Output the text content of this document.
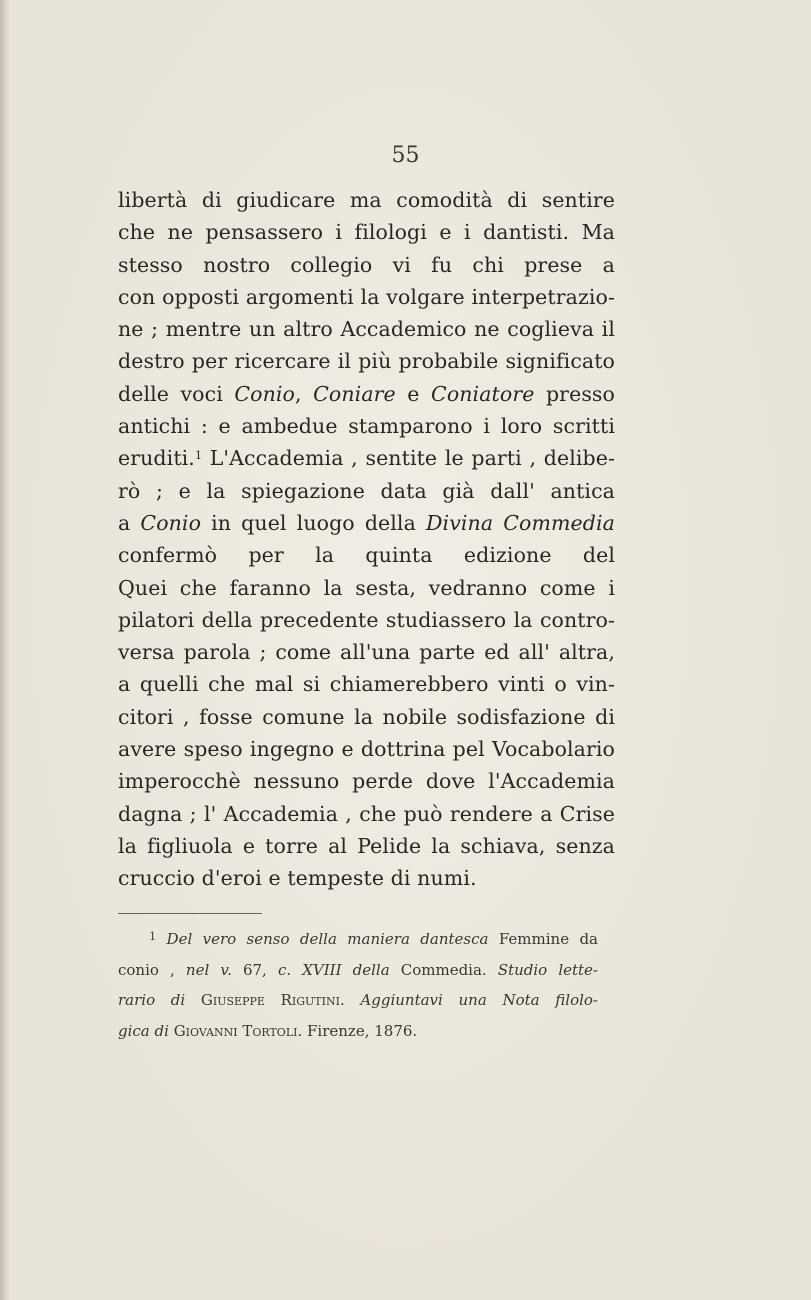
55
libertà di giudicare ma comodità di sentire
che ne pensassero i filologi e i dantisti. Ma
stesso nostro collegio vi fu chi prese a
con opposti argomenti la volgare interpetrazio-
ne ; mentre un altro Accademico ne coglieva il
destro per ricercare il più probabile significato
delle voci Conio, Coniare e Coniatore presso
antichi : e ambedue stamparono i loro scritti
eruditi.$^1$ L'Accademia , sentite le parti , delibe-
rò ; e la spiegazione data già dall' antica
a Conio in quel luogo della Divina Commedia
confermò per la quinta edizione del
Quei che faranno la sesta, vedranno come i
pilatori della precedente studiassero la contro-
versa parola ; come all'una parte ed all' altra,
a quelli che mal si chiamerebbero vinti o vin-
citori , fosse comune la nobile sodisfazione di
avere speso ingegno e dottrina pel Vocabolario
imperocchè nessuno perde dove l'Accademia
dagna ; l' Accademia , che può rendere a Crise
la figliuola e torre al Pelide la schiava, senza
cruccio d'eroi e tempeste di numi.
$^1$ Del vero senso della maniera dantesca Femmine da
conio , nel v. 67, c. XVIII della Commedia. Studio lette-
rario di Giuseppe Rigutini. Aggiuntavi una Nota filolo-
gica di Giovanni Tortoli. Firenze, 1876.
